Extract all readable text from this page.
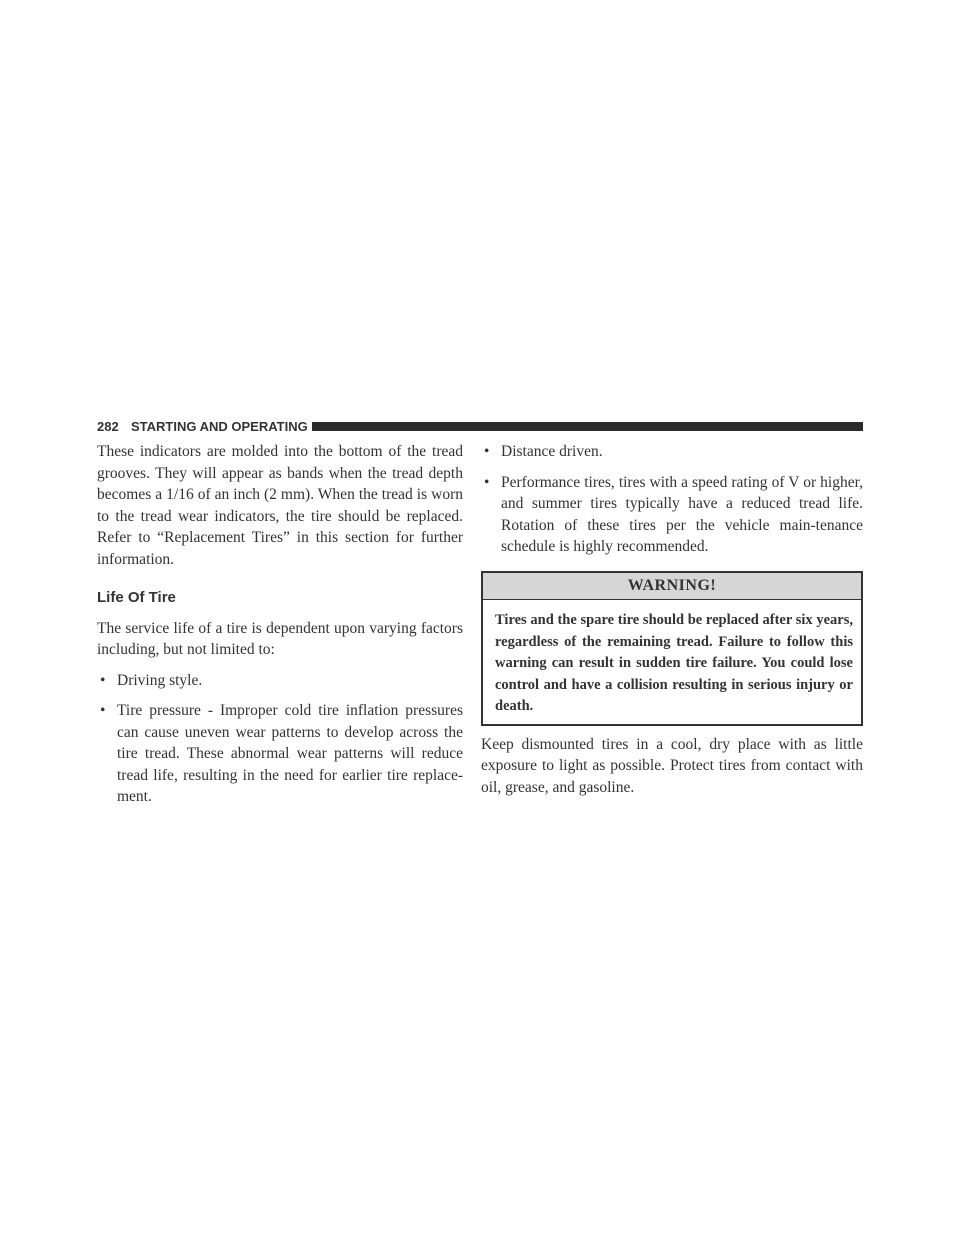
282 STARTING AND OPERATING

These indicators are molded into the bottom of the tread grooves. They will appear as bands when the tread depth becomes a 1/16 of an inch (2 mm). When the tread is worn to the tread wear indicators, the tire should be replaced. Refer to “Replacement Tires” in this section for further information.

Life Of Tire

The service life of a tire is dependent upon varying factors including, but not limited to:

• Driving style.
• Tire pressure - Improper cold tire inflation pressures can cause uneven wear patterns to develop across the tire tread. These abnormal wear patterns will reduce tread life, resulting in the need for earlier tire replace-ment.
• Distance driven.
• Performance tires, tires with a speed rating of V or higher, and summer tires typically have a reduced tread life. Rotation of these tires per the vehicle main-tenance schedule is highly recommended.
WARNING!

Tires and the spare tire should be replaced after six years, regardless of the remaining tread. Failure to follow this warning can result in sudden tire failure. You could lose control and have a collision resulting in serious injury or death.

Keep dismounted tires in a cool, dry place with as little exposure to light as possible. Protect tires from contact with oil, grease, and gasoline.
